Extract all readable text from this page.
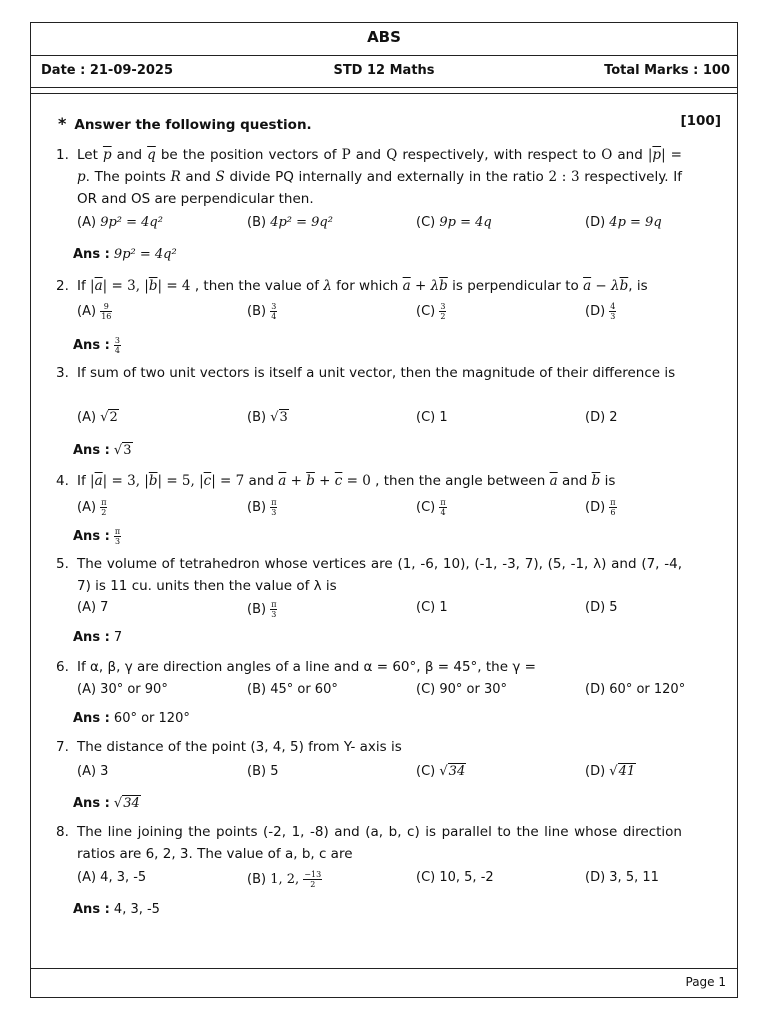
ABS
Date : 21-09-2025	STD 12 Maths	Total Marks : 100
* Answer the following question.	[100]
1. Let $\overline{p}$ and $\overline{q}$ be the position vectors of P and Q respectively, with respect to O and $|\overline{p}| = p$. The points R and S divide PQ internally and externally in the ratio 2 : 3 respectively. If OR and OS are perpendicular then.
(A) 9p² = 4q²	(B) 4p² = 9q²	(C) 9p = 4q	(D) 4p = 9q
Ans : 9p² = 4q²
2. If $|\overline{a}| = 3$, $|\overline{b}| = 4$ , then the value of λ for which $\overline{a} + \lambda\overline{b}$ is perpendicular to $\overline{a} - \lambda\overline{b}$, is
$(A) \frac{9}{16}$	$(B) \frac{3}{4}$	$(C) \frac{3}{2}$	$(D) \frac{4}{3}$
Ans : $\frac{3}{4}$
3. If sum of two unit vectors is itself a unit vector, then the magnitude of their difference is
(A) √2	(B) √3	(C) 1	(D) 2
Ans : √3
4. If $|\overline{a}| = 3$, $|\overline{b}| = 5$, $|\overline{c}| = 7$ and $\overline{a} + \overline{b} + \overline{c} = 0$ , then the angle between $\overline{a}$ and $\overline{b}$ is
$(A) \frac{\pi}{2}$	$(B) \frac{\pi}{3}$	$(C) \frac{\pi}{4}$	$(D) \frac{\pi}{6}$
Ans : $\frac{\pi}{3}$
5. The volume of tetrahedron whose vertices are (1, -6, 10), (-1, -3, 7), (5, -1, λ) and (7, -4, 7) is 11 cu. units then the value of λ is
(A) 7	$(B) \frac{\pi}{3}$	(C) 1	(D) 5
Ans : 7
6. If α, β, γ are direction angles of a line and α = 60°, β = 45°, the γ =
(A) 30° or 90°	(B) 45° or 60°	(C) 90° or 30°	(D) 60° or 120°
Ans : 60° or 120°
7. The distance of the point (3, 4, 5) from Y- axis is
(A) 3	(B) 5	(C) √34	(D) √41
Ans : √34
8. The line joining the points (-2, 1, -8) and (a, b, c) is parallel to the line whose direction ratios are 6, 2, 3. The value of a, b, c are
(A) 4, 3, -5	(B) 1, 2, $\frac{-13}{2}$	(C) 10, 5, -2	(D) 3, 5, 11
Ans : 4, 3, -5
Page 1
